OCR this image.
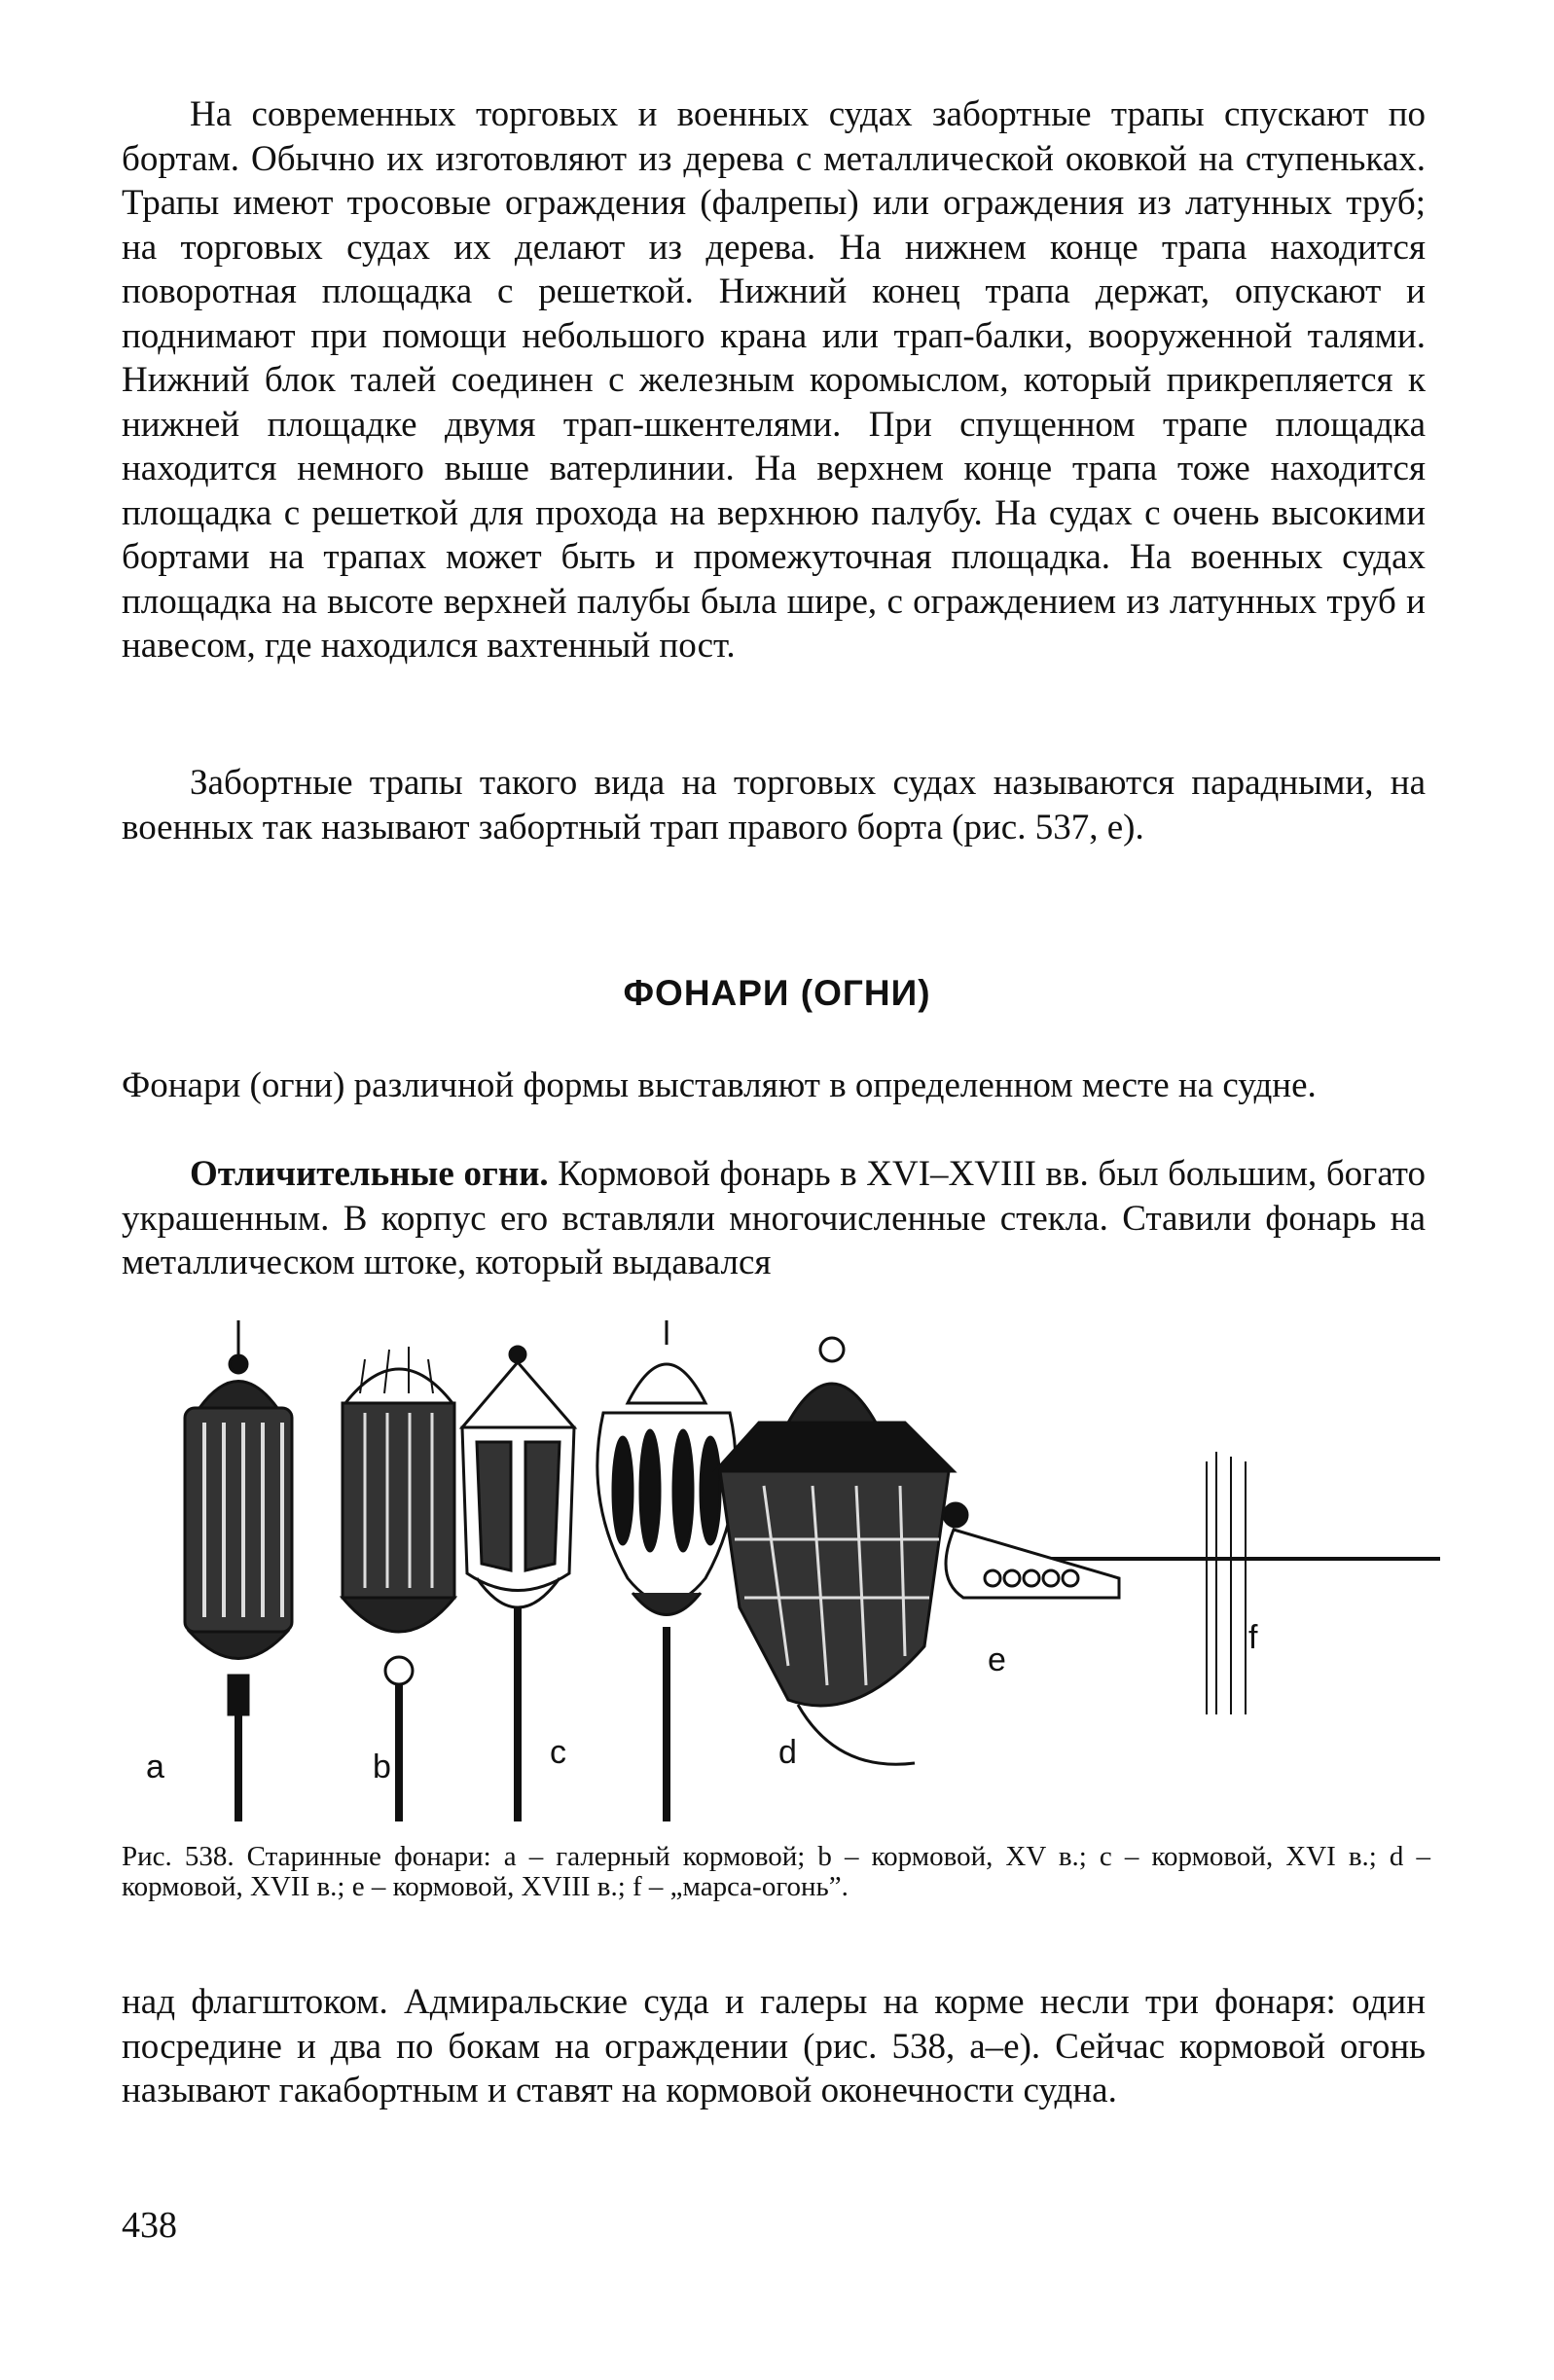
На современных торговых и военных судах забортные трапы спускают по бортам. Обычно их изготовляют из дерева с металлической оковкой на ступеньках. Трапы имеют тросовые ограждения (фалрепы) или ограждения из латунных труб; на торговых судах их делают из дерева. На нижнем конце трапа находится поворотная площадка с решеткой. Нижний конец трапа держат, опускают и поднимают при помощи небольшого крана или трап-балки, вооруженной талями. Нижний блок талей соединен с железным коромыслом, который прикрепляется к нижней площадке двумя трап-шкентелями. При спущенном трапе площадка находится немного выше ватерлинии. На верхнем конце трапа тоже находится площадка с решеткой для прохода на верхнюю палубу. На судах с очень высокими бортами на трапах может быть и промежуточная площадка. На военных судах площадка на высоте верхней палубы была шире, с ограждением из латунных труб и навесом, где находился вахтенный пост.

Забортные трапы такого вида на торговых судах называются парадными, на военных так называют забортный трап правого борта (рис. 537, е).

ФОНАРИ (ОГНИ)

Фонари (огни) различной формы выставляют в определенном месте на судне.

Отличительные огни. Кормовой фонарь в XVI–XVIII вв. был большим, богато украшенным. В корпус его вставляли многочисленные стекла. Ставили фонарь на металлическом штоке, который выдавался

a	b	c	d
e
f

Рис. 538. Старинные фонари: a – галерный кормовой; b – кормовой, XV в.; c – кормовой, XVI в.; d – кормовой, XVII в.; e – кормовой, XVIII в.; f – „марса-огонь”.

над флагштоком. Адмиральские суда и галеры на корме несли три фонаря: один посредине и два по бокам на ограждении (рис. 538, a–e). Сейчас кормовой огонь называют гакабортным и ставят на кормовой оконечности судна.

438
